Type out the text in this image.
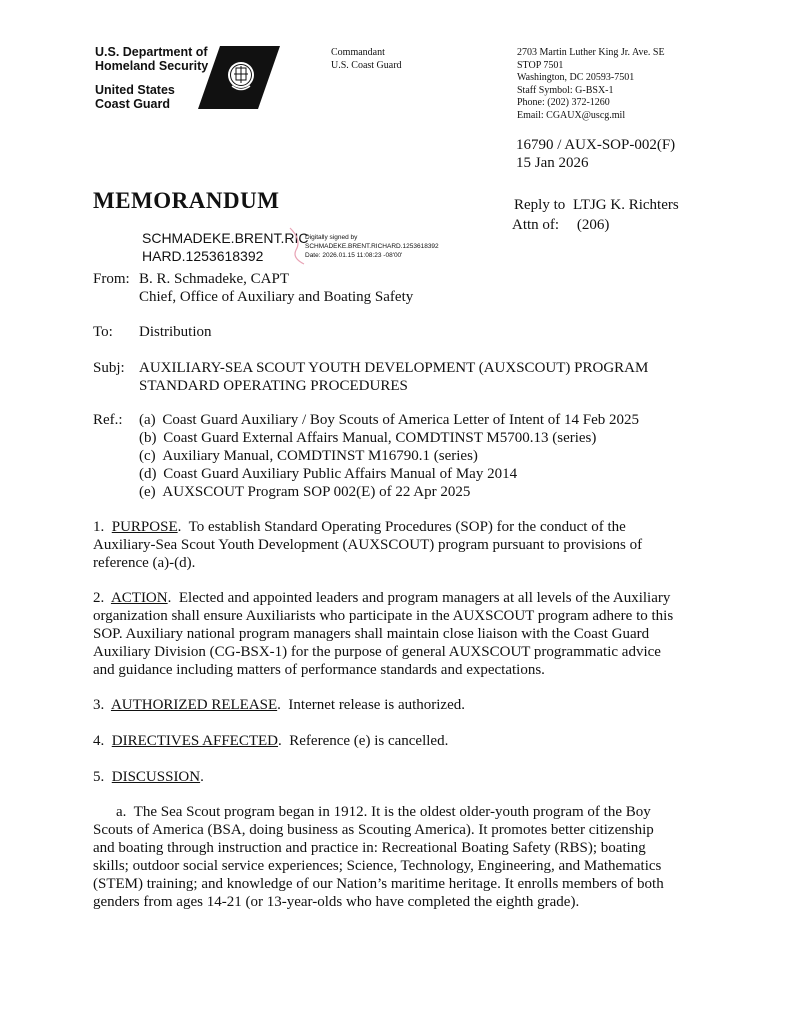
U.S. Department of
Homeland Security
United States
Coast Guard
Commandant
U.S. Coast Guard
2703 Martin Luther King Jr. Ave. SE
STOP 7501
Washington, DC 20593-7501
Staff Symbol: G-BSX-1
Phone: (202) 372-1260
Email: CGAUX@uscg.mil
16790 / AUX-SOP-002(F)
15 Jan 2026
MEMORANDUM	Reply to LTJG K. Richters
Attn of: (206)
SCHMADEKE.BRENT.RIC
HARD.1253618392
Digitally signed by
SCHMADEKE.BRENT.RICHARD.1253618392
Date: 2026.01.15 11:08:23 -08'00'
From: B. R. Schmadeke, CAPT
Chief, Office of Auxiliary and Boating Safety
To: Distribution
Subj: AUXILIARY-SEA SCOUT YOUTH DEVELOPMENT (AUXSCOUT) PROGRAM
STANDARD OPERATING PROCEDURES
Ref.: (a) Coast Guard Auxiliary / Boy Scouts of America Letter of Intent of 14 Feb 2025
(b) Coast Guard External Affairs Manual, COMDTINST M5700.13 (series)
(c) Auxiliary Manual, COMDTINST M16790.1 (series)
(d) Coast Guard Auxiliary Public Affairs Manual of May 2014
(e) AUXSCOUT Program SOP 002(E) of 22 Apr 2025
1. PURPOSE.  To establish Standard Operating Procedures (SOP) for the conduct of the
Auxiliary-Sea Scout Youth Development (AUXSCOUT) program pursuant to provisions of
reference (a)-(d).
2. ACTION.  Elected and appointed leaders and program managers at all levels of the Auxiliary
organization shall ensure Auxiliarists who participate in the AUXSCOUT program adhere to this
SOP. Auxiliary national program managers shall maintain close liaison with the Coast Guard
Auxiliary Division (CG-BSX-1) for the purpose of general AUXSCOUT programmatic advice
and guidance including matters of performance standards and expectations.
3. AUTHORIZED RELEASE.  Internet release is authorized.
4. DIRECTIVES AFFECTED.  Reference (e) is cancelled.
5. DISCUSSION.
a. The Sea Scout program began in 1912. It is the oldest older-youth program of the Boy
Scouts of America (BSA, doing business as Scouting America). It promotes better citizenship
and boating through instruction and practice in: Recreational Boating Safety (RBS); boating
skills; outdoor social service experiences; Science, Technology, Engineering, and Mathematics
(STEM) training; and knowledge of our Nation’s maritime heritage. It enrolls members of both
genders from ages 14-21 (or 13-year-olds who have completed the eighth grade).
